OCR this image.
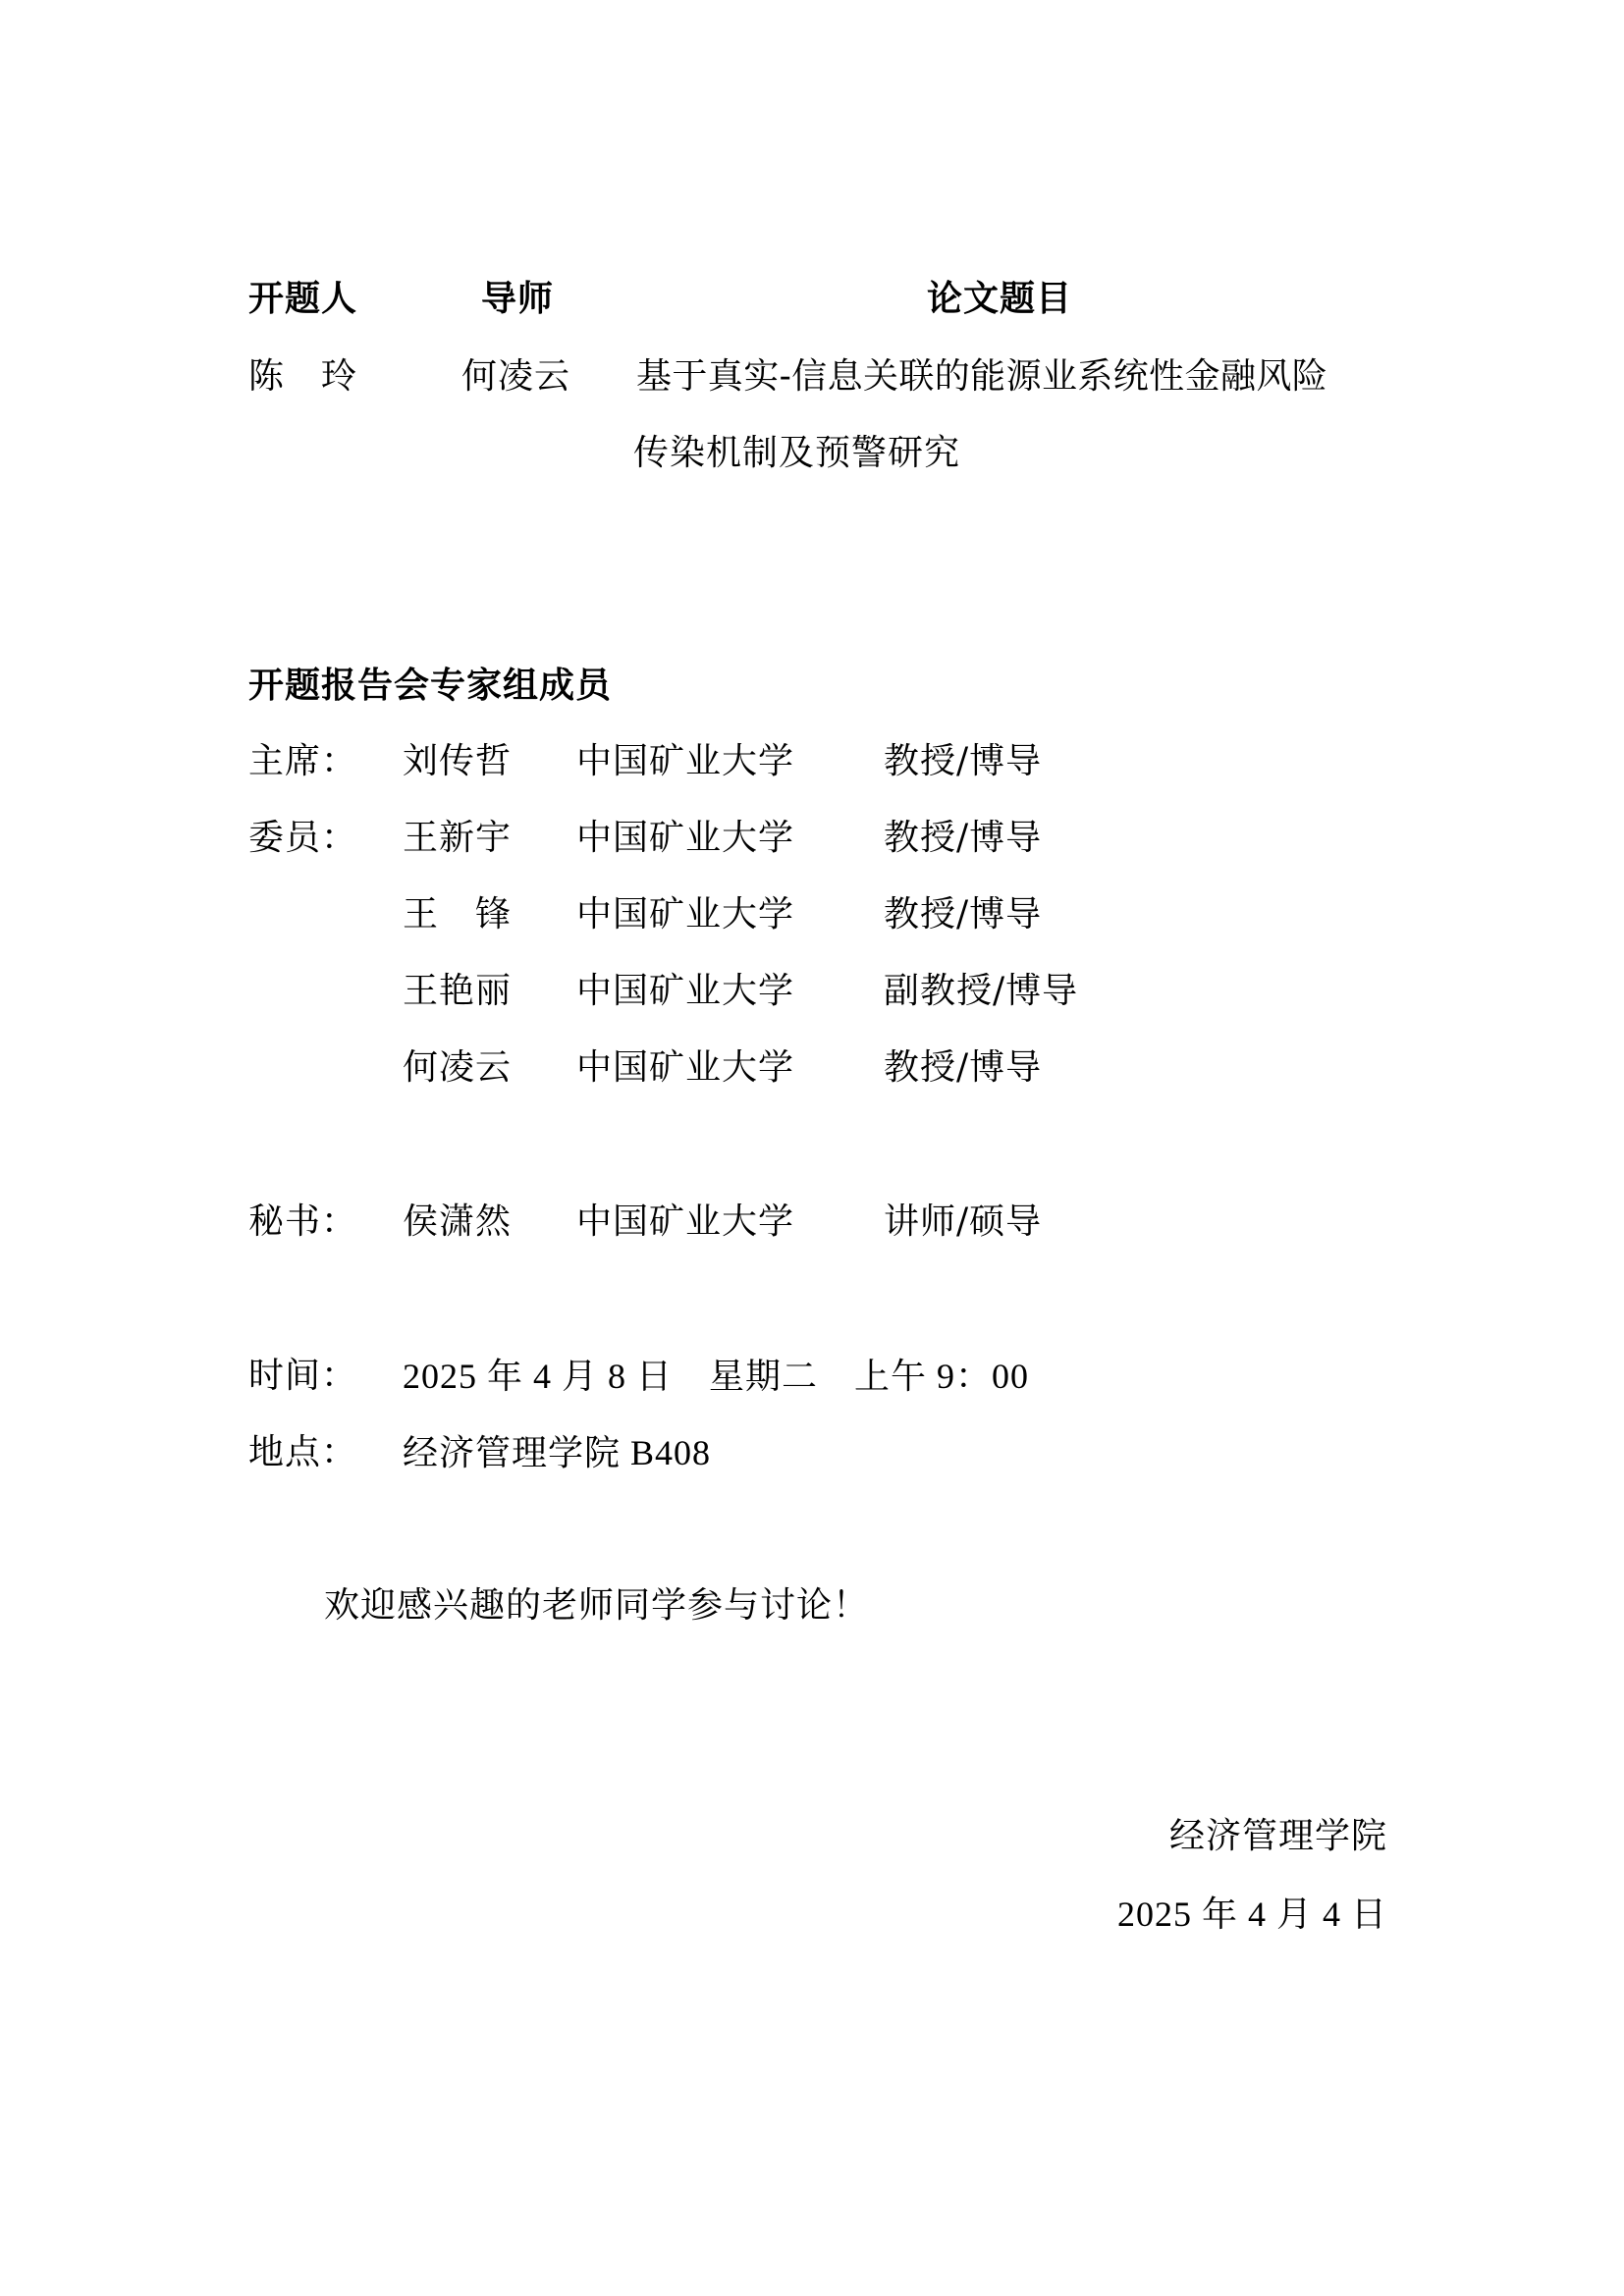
开题人	导师	论文题目
陈　玲	何凌云 基于真实-信息关联的能源业系统性金融风险
传染机制及预警研究
开题报告会专家组成员
主席： 刘传哲 中国矿业大学	教授/博导
委员： 王新宇 中国矿业大学	教授/博导
王　锋 中国矿业大学	教授/博导
王艳丽 中国矿业大学	副教授/博导
何凌云 中国矿业大学	教授/博导
秘书： 侯潇然 中国矿业大学	讲师/硕导
时间： 2025 年 4 月 8 日　星期二　上午 9：00
地点： 经济管理学院 B408
欢迎感兴趣的老师同学参与讨论！
经济管理学院
2025 年 4 月 4 日
